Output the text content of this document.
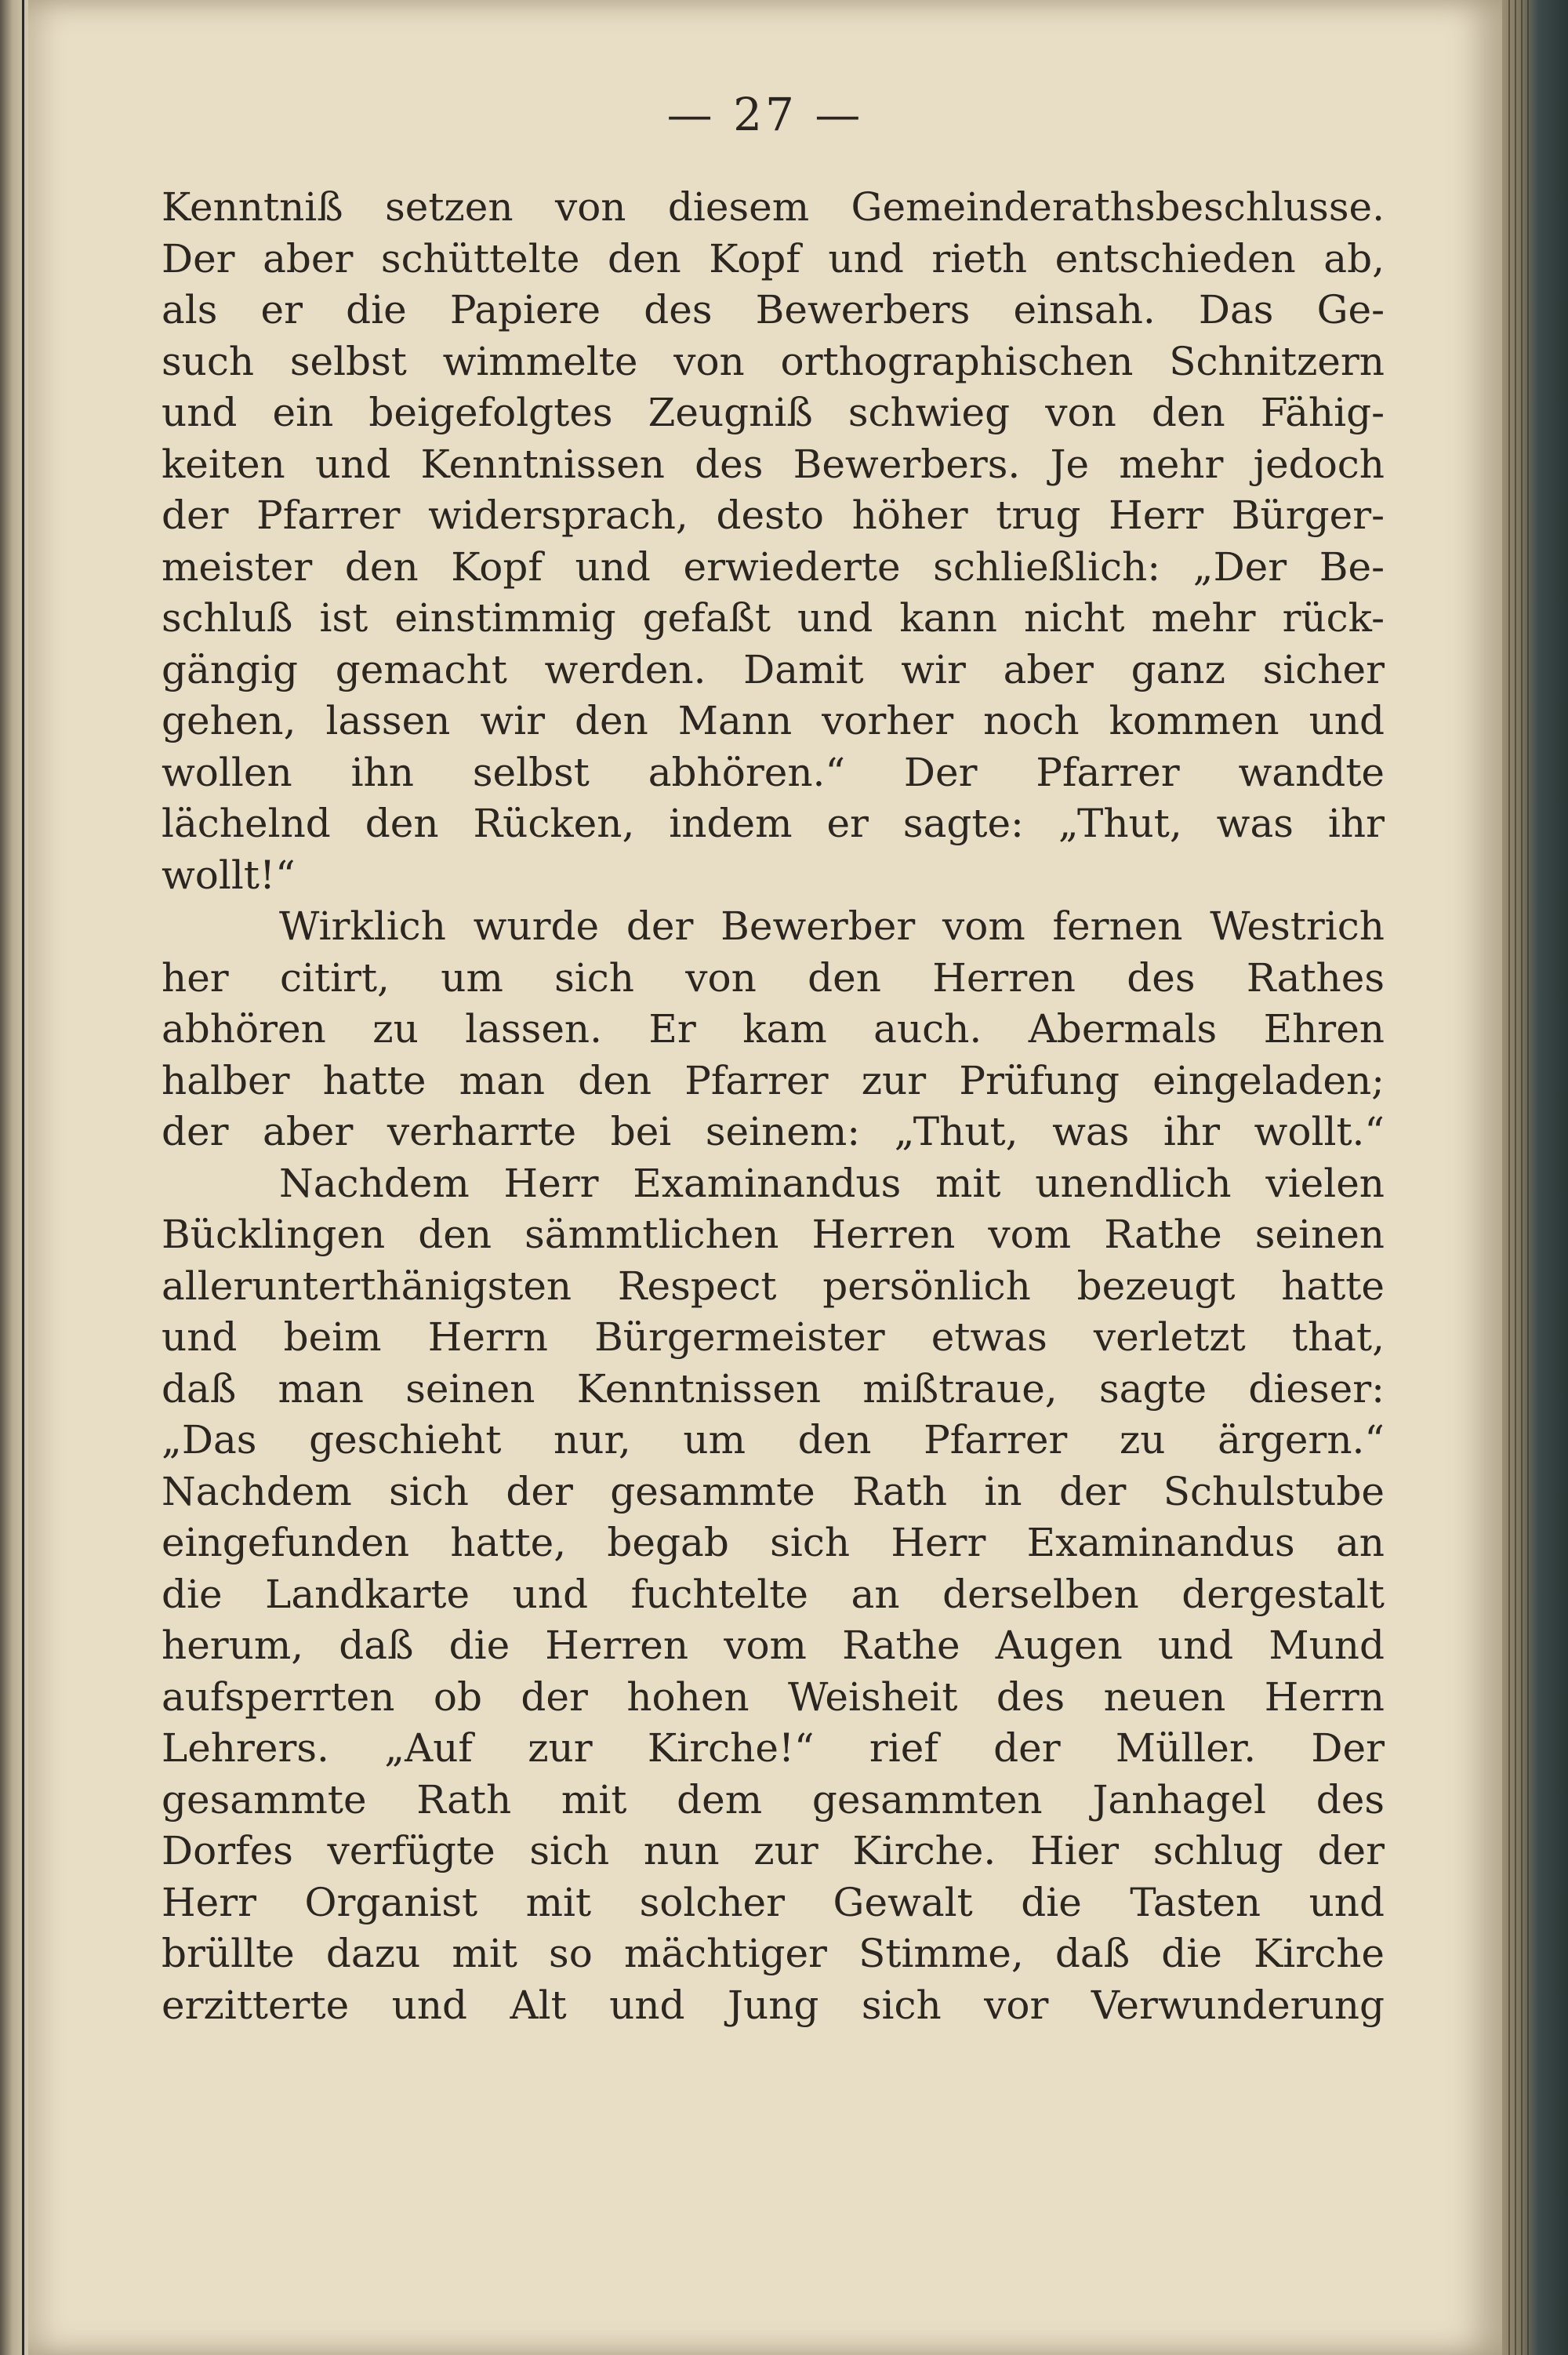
— 27 —
Kenntniß setzen von diesem Gemeinderathsbeschlusse.
Der aber schüttelte den Kopf und rieth entschieden ab,
als er die Papiere des Bewerbers einsah. Das Ge-
such selbst wimmelte von orthographischen Schnitzern
und ein beigefolgtes Zeugniß schwieg von den Fähig-
keiten und Kenntnissen des Bewerbers. Je mehr jedoch
der Pfarrer widersprach, desto höher trug Herr Bürger-
meister den Kopf und erwiederte schließlich: „Der Be-
schluß ist einstimmig gefaßt und kann nicht mehr rück-
gängig gemacht werden. Damit wir aber ganz sicher
gehen, lassen wir den Mann vorher noch kommen und
wollen ihn selbst abhören.“ Der Pfarrer wandte
lächelnd den Rücken, indem er sagte: „Thut, was ihr
wollt!“
Wirklich wurde der Bewerber vom fernen Westrich
her citirt, um sich von den Herren des Rathes
abhören zu lassen. Er kam auch. Abermals Ehren
halber hatte man den Pfarrer zur Prüfung eingeladen;
der aber verharrte bei seinem: „Thut, was ihr wollt.“
Nachdem Herr Examinandus mit unendlich vielen
Bücklingen den sämmtlichen Herren vom Rathe seinen
allerunterthänigsten Respect persönlich bezeugt hatte
und beim Herrn Bürgermeister etwas verletzt that,
daß man seinen Kenntnissen mißtraue, sagte dieser:
„Das geschieht nur, um den Pfarrer zu ärgern.“
Nachdem sich der gesammte Rath in der Schulstube
eingefunden hatte, begab sich Herr Examinandus an
die Landkarte und fuchtelte an derselben dergestalt
herum, daß die Herren vom Rathe Augen und Mund
aufsperrten ob der hohen Weisheit des neuen Herrn
Lehrers. „Auf zur Kirche!“ rief der Müller. Der
gesammte Rath mit dem gesammten Janhagel des
Dorfes verfügte sich nun zur Kirche. Hier schlug der
Herr Organist mit solcher Gewalt die Tasten und
brüllte dazu mit so mächtiger Stimme, daß die Kirche
erzitterte und Alt und Jung sich vor Verwunderung
